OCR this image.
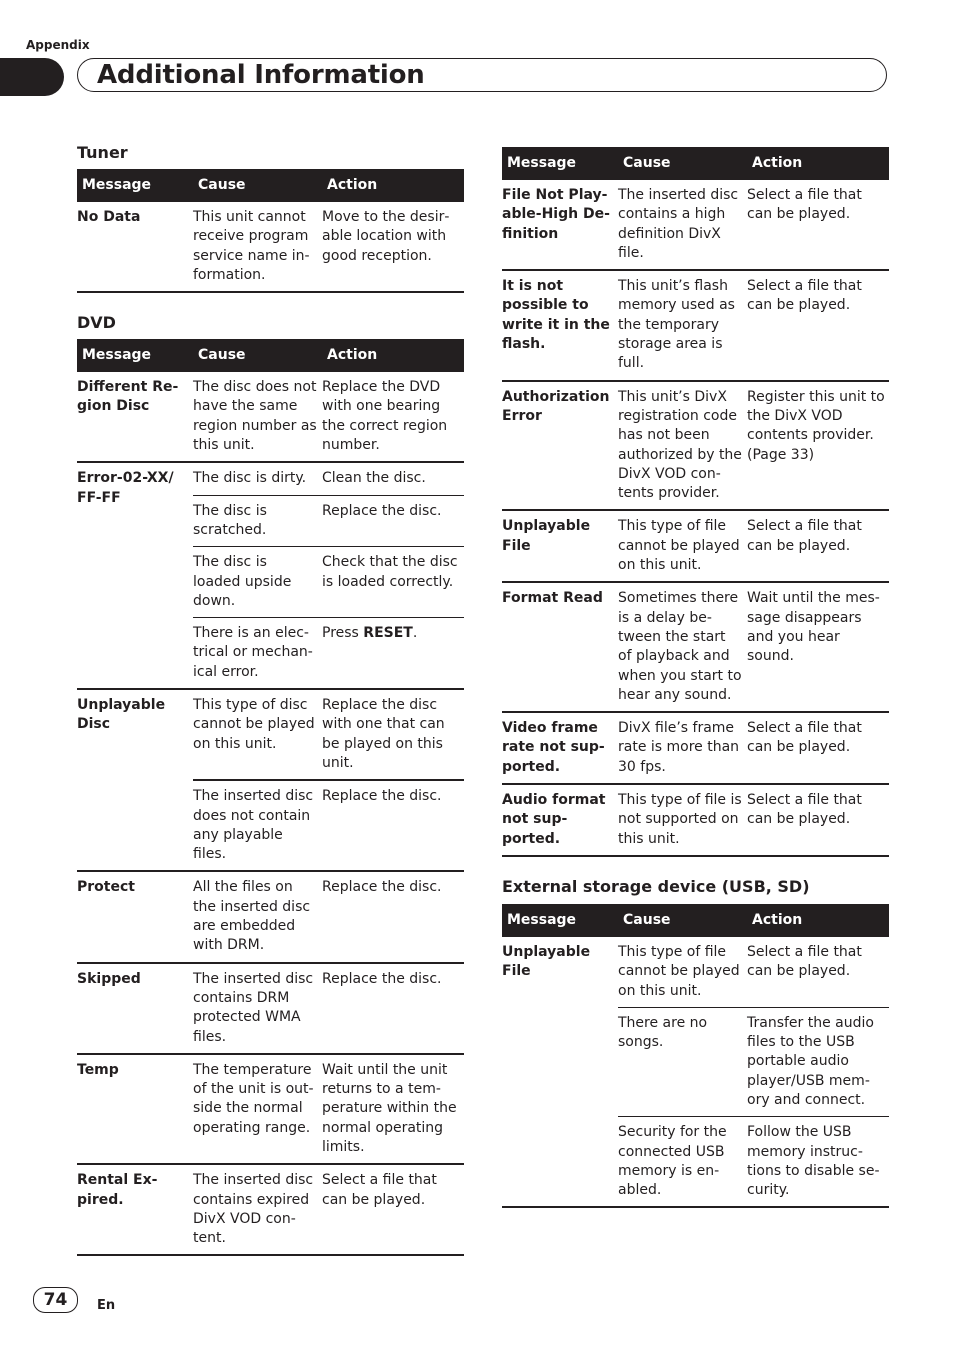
Appendix
Additional Information
Tuner
Message	Cause	Action
No Data	This unit cannot receive program service name information.	Move to the desirable location with good reception.
DVD
Message	Cause	Action
Different Region Disc	The disc does not have the same region number as this unit.	Replace the DVD with one bearing the correct region number.
Error-02-XX/ FF-FF	The disc is dirty.	Clean the disc.
	The disc is scratched.	Replace the disc.
	The disc is loaded upside down.	Check that the disc is loaded correctly.
	There is an electrical or mechanical error.	Press RESET.
Unplayable Disc	This type of disc cannot be played on this unit.	Replace the disc with one that can be played on this unit.
	The inserted disc does not contain any playable files.	Replace the disc.
Protect	All the files on the inserted disc are embedded with DRM.	Replace the disc.
Skipped	The inserted disc contains DRM protected WMA files.	Replace the disc.
Temp	The temperature of the unit is outside the normal operating range.	Wait until the unit returns to a temperature within the normal operating limits.
Rental Expired.	The inserted disc contains expired DivX VOD content.	Select a file that can be played.
Message	Cause	Action
File Not Playable-High Definition	The inserted disc contains a high definition DivX file.	Select a file that can be played.
It is not possible to write it in the flash.	This unit’s flash memory used as the temporary storage area is full.	Select a file that can be played.
Authorization Error	This unit’s DivX registration code has not been authorized by the DivX VOD contents provider.	Register this unit to the DivX VOD contents provider. (Page 33)
Unplayable File	This type of file cannot be played on this unit.	Select a file that can be played.
Format Read	Sometimes there is a delay between the start of playback and when you start to hear any sound.	Wait until the message disappears and you hear sound.
Video frame rate not supported.	DivX file’s frame rate is more than 30 fps.	Select a file that can be played.
Audio format not supported.	This type of file is not supported on this unit.	Select a file that can be played.
External storage device (USB, SD)
Message	Cause	Action
Unplayable File	This type of file cannot be played on this unit.	Select a file that can be played.
	There are no songs.	Transfer the audio files to the USB portable audio player/USB memory and connect.
	Security for the connected USB memory is enabled.	Follow the USB memory instructions to disable security.
74	En
